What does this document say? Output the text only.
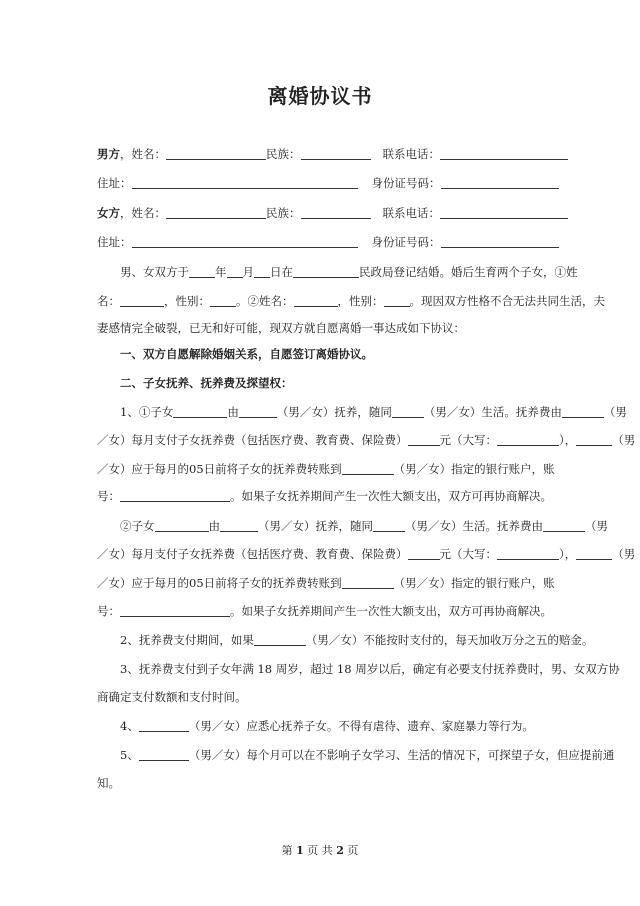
离婚协议书
男方，姓名：	民族：	联系电话：
住址：	身份证号码：
女方，姓名：	民族：	联系电话：
住址：	身份证号码：
男、女双方于 年 月 日在	民政局登记结婚。婚后生育两个子女，①姓
名：	，性别： 。②姓名：	，性别： 。现因双方性格不合无法共同生活，夫
妻感情完全破裂，已无和好可能，现双方就自愿离婚一事达成如下协议：
一、双方自愿解除婚姻关系，自愿签订离婚协议。
二、子女抚养、抚养费及探望权：
1、①子女	由	（男／女）抚养，随同	（男／女）生活。抚养费由	（男
／女）每月支付子女抚养费（包括医疗费、教育费、保险费）	元（大写：	），	（男
／女）应于每月的05日前将子女的抚养费转账到	（男／女）指定的银行账户，账
号：	。如果子女抚养期间产生一次性大额支出，双方可再协商解决。
②子女	由	（男／女）抚养，随同	（男／女）生活。抚养费由	（男
／女）每月支付子女抚养费（包括医疗费、教育费、保险费）	元（大写：	），	（男
／女）应于每月的05日前将子女的抚养费转账到	（男／女）指定的银行账户，账
号：	。如果子女抚养期间产生一次性大额支出，双方可再协商解决。
2、抚养费支付期间，如果	（男／女）不能按时支付的，每天加收万分之五的赔金。
3、抚养费支付到子女年满 18 周岁，超过 18 周岁以后，确定有必要支付抚养费时，男、女双方协
商确定支付数额和支付时间。
4、	（男／女）应悉心抚养子女。不得有虐待、遗弃、家庭暴力等行为。
5、	（男／女）每个月可以在不影响子女学习、生活的情况下，可探望子女，但应提前通
知。
第 1 页 共 2 页
